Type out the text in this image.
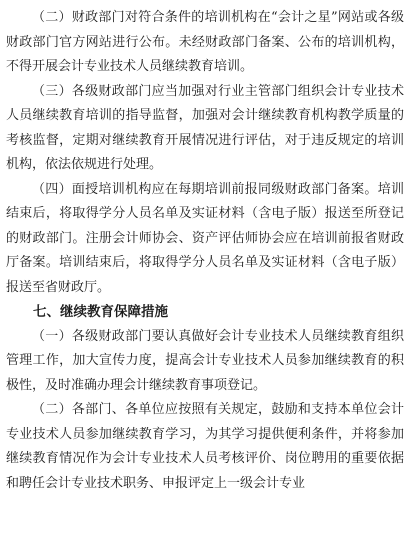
（二）财政部门对符合条件的培训机构在“会计之星”网站或各级财政部门官方网站进行公布。未经财政部门备案、公布的培训机构，不得开展会计专业技术人员继续教育培训。

（三）各级财政部门应当加强对行业主管部门组织会计专业技术人员继续教育培训的指导监督，加强对会计继续教育机构教学质量的考核监督，定期对继续教育开展情况进行评估，对于违反规定的培训机构，依法依规进行处理。

（四）面授培训机构应在每期培训前报同级财政部门备案。培训结束后，将取得学分人员名单及实证材料（含电子版）报送至所登记的财政部门。注册会计师协会、资产评估师协会应在培训前报省财政厅备案。培训结束后，将取得学分人员名单及实证材料（含电子版）报送至省财政厅。

七、继续教育保障措施

（一）各级财政部门要认真做好会计专业技术人员继续教育组织管理工作，加大宣传力度，提高会计专业技术人员参加继续教育的积极性，及时准确办理会计继续教育事项登记。

（二）各部门、各单位应按照有关规定，鼓励和支持本单位会计专业技术人员参加继续教育学习，为其学习提供便利条件，并将参加继续教育情况作为会计专业技术人员考核评价、岗位聘用的重要依据和聘任会计专业技术职务、申报评定上一级会计专业
